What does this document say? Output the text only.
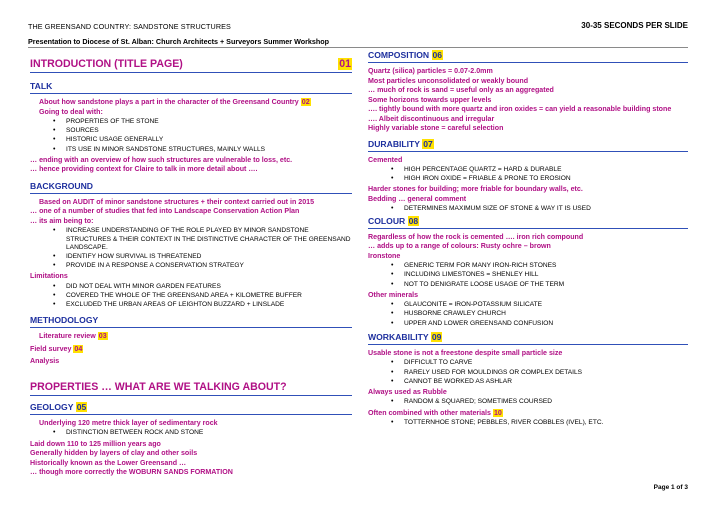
THE GREENSAND COUNTRY: SANDSTONE STRUCTURES	30-35 SECONDS PER SLIDE
Presentation to Diocese of St. Alban: Church Architects + Surveyors Summer Workshop
INTRODUCTION (TITLE PAGE)	01
TALK
About how sandstone plays a part in the character of the Greensand Country 02
Going to deal with:
• PROPERTIES OF THE STONE
• SOURCES
• HISTORIC USAGE GENERALLY
• ITS USE IN MINOR SANDSTONE STRUCTURES, MAINLY WALLS
… ending with an overview of how such structures are vulnerable to loss, etc.
… hence providing context for Claire to talk in more detail about ….
BACKGROUND
Based on AUDIT of minor sandstone structures + their context carried out in 2015
… one of a number of studies that fed into Landscape Conservation Action Plan
… its aim being to:
• INCREASE UNDERSTANDING OF THE ROLE PLAYED BY MINOR SANDSTONE STRUCTURES & THEIR CONTEXT IN THE DISTINCTIVE CHARACTER OF THE GREENSAND LANDSCAPE.
• IDENTIFY HOW SURVIVAL IS THREATENED
• PROVIDE IN A RESPONSE A CONSERVATION STRATEGY
Limitations
• DID NOT DEAL WITH MINOR GARDEN FEATURES
• COVERED THE WHOLE OF THE GREENSAND AREA + KILOMETRE BUFFER
• EXCLUDED THE URBAN AREAS OF LEIGHTON BUZZARD + LINSLADE
METHODOLOGY
Literature review 03
Field survey 04
Analysis
PROPERTIES … WHAT ARE WE TALKING ABOUT?
GEOLOGY 05
Underlying 120 metre thick layer of sedimentary rock
• DISTINCTION BETWEEN ROCK AND STONE
Laid down 110 to 125 million years ago
Generally hidden by layers of clay and other soils
Historically known as the Lower Greensand …
… though more correctly the WOBURN SANDS FORMATION
COMPOSITION 06
Quartz (silica) particles = 0.07-2.0mm
Most particles unconsolidated or weakly bound
… much of rock is sand = useful only as an aggregated
Some horizons towards upper levels
…. tightly bound with more quartz and iron oxides = can yield a reasonable building stone
…. Albeit discontinuous and irregular
Highly variable stone = careful selection
DURABILITY 07
Cemented
• HIGH PERCENTAGE QUARTZ = HARD & DURABLE
• HIGH IRON OXIDE = FRIABLE & PRONE TO EROSION
Harder stones for building; more friable for boundary walls, etc.
Bedding … general comment
• DETERMINES MAXIMUM SIZE OF STONE & WAY IT IS USED
COLOUR 08
Regardless of how the rock is cemented …. iron rich compound
… adds up to a range of colours: Rusty ochre – brown
Ironstone
• GENERIC TERM FOR MANY IRON-RICH STONES
• INCLUDING LIMESTONES = SHENLEY HILL
• NOT TO DENIGRATE LOOSE USAGE OF THE TERM
Other minerals
• GLAUCONITE = IRON-POTASSIUM SILICATE
• HUSBORNE CRAWLEY CHURCH
• UPPER AND LOWER GREENSAND CONFUSION
WORKABILITY 09
Usable stone is not a freestone despite small particle size
• DIFFICULT TO CARVE
• RARELY USED FOR MOULDINGS OR COMPLEX DETAILS
• CANNOT BE WORKED AS ASHLAR
Always used as Rubble
• RANDOM & SQUARED; SOMETIMES COURSED
Often combined with other materials 10
• TOTTERNHOE STONE; PEBBLES, RIVER COBBLES (IVEL), ETC.
Page 1 of 3
